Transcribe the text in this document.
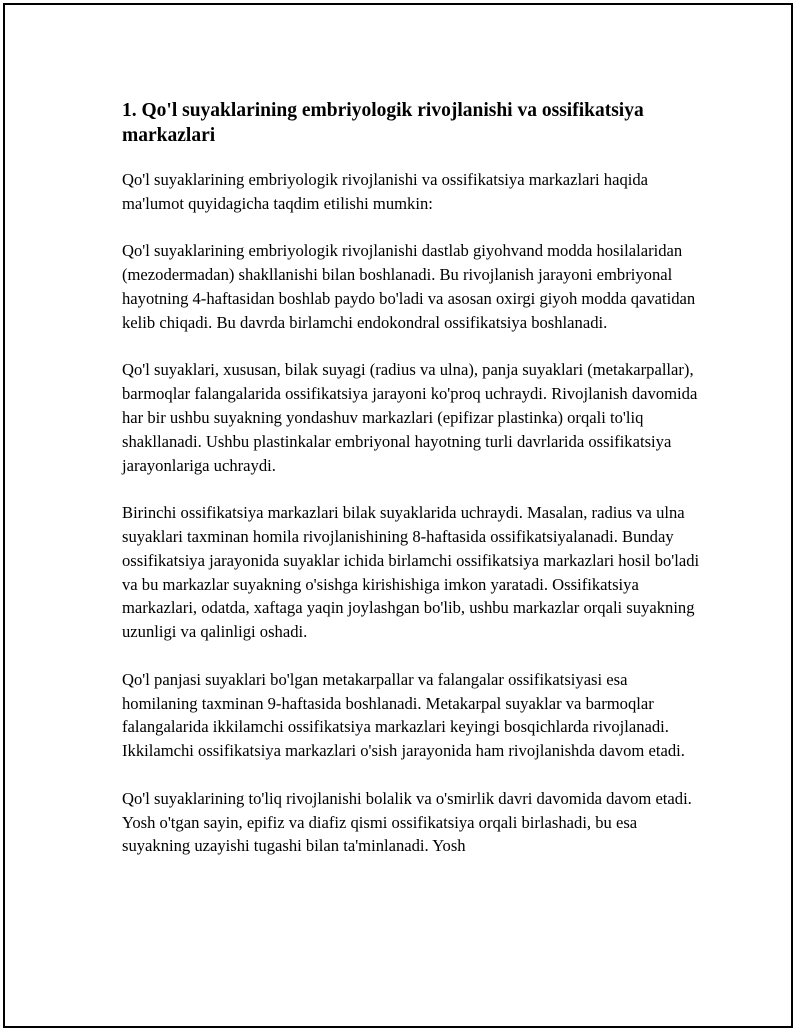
1. Qo'l suyaklarining embriyologik rivojlanishi va ossifikatsiya markazlari

Qo'l suyaklarining embriyologik rivojlanishi va ossifikatsiya markazlari haqida ma'lumot quyidagicha taqdim etilishi mumkin:

Qo'l suyaklarining embriyologik rivojlanishi dastlab giyohvand modda hosilalaridan (mezodermadan) shakllanishi bilan boshlanadi. Bu rivojlanish jarayoni embriyonal hayotning 4-haftasidan boshlab paydo bo'ladi va asosan oxirgi giyoh modda qavatidan kelib chiqadi. Bu davrda birlamchi endokondral ossifikatsiya boshlanadi.

Qo'l suyaklari, xususan, bilak suyagi (radius va ulna), panja suyaklari (metakarpallar), barmoqlar falangalarida ossifikatsiya jarayoni ko'proq uchraydi. Rivojlanish davomida har bir ushbu suyakning yondashuv markazlari (epifizar plastinka) orqali to'liq shakllanadi. Ushbu plastinkalar embriyonal hayotning turli davrlarida ossifikatsiya jarayonlariga uchraydi.

Birinchi ossifikatsiya markazlari bilak suyaklarida uchraydi. Masalan, radius va ulna suyaklari taxminan homila rivojlanishining 8-haftasida ossifikatsiyalanadi. Bunday ossifikatsiya jarayonida suyaklar ichida birlamchi ossifikatsiya markazlari hosil bo'ladi va bu markazlar suyakning o'sishga kirishishiga imkon yaratadi. Ossifikatsiya markazlari, odatda, xaftaga yaqin joylashgan bo'lib, ushbu markazlar orqali suyakning uzunligi va qalinligi oshadi.

Qo'l panjasi suyaklari bo'lgan metakarpallar va falangalar ossifikatsiyasi esa homilaning taxminan 9-haftasida boshlanadi. Metakarpal suyaklar va barmoqlar falangalarida ikkilamchi ossifikatsiya markazlari keyingi bosqichlarda rivojlanadi. Ikkilamchi ossifikatsiya markazlari o'sish jarayonida ham rivojlanishda davom etadi.

Qo'l suyaklarining to'liq rivojlanishi bolalik va o'smirlik davri davomida davom etadi. Yosh o'tgan sayin, epifiz va diafiz qismi ossifikatsiya orqali birlashadi, bu esa suyakning uzayishi tugashi bilan ta'minlanadi. Yosh
